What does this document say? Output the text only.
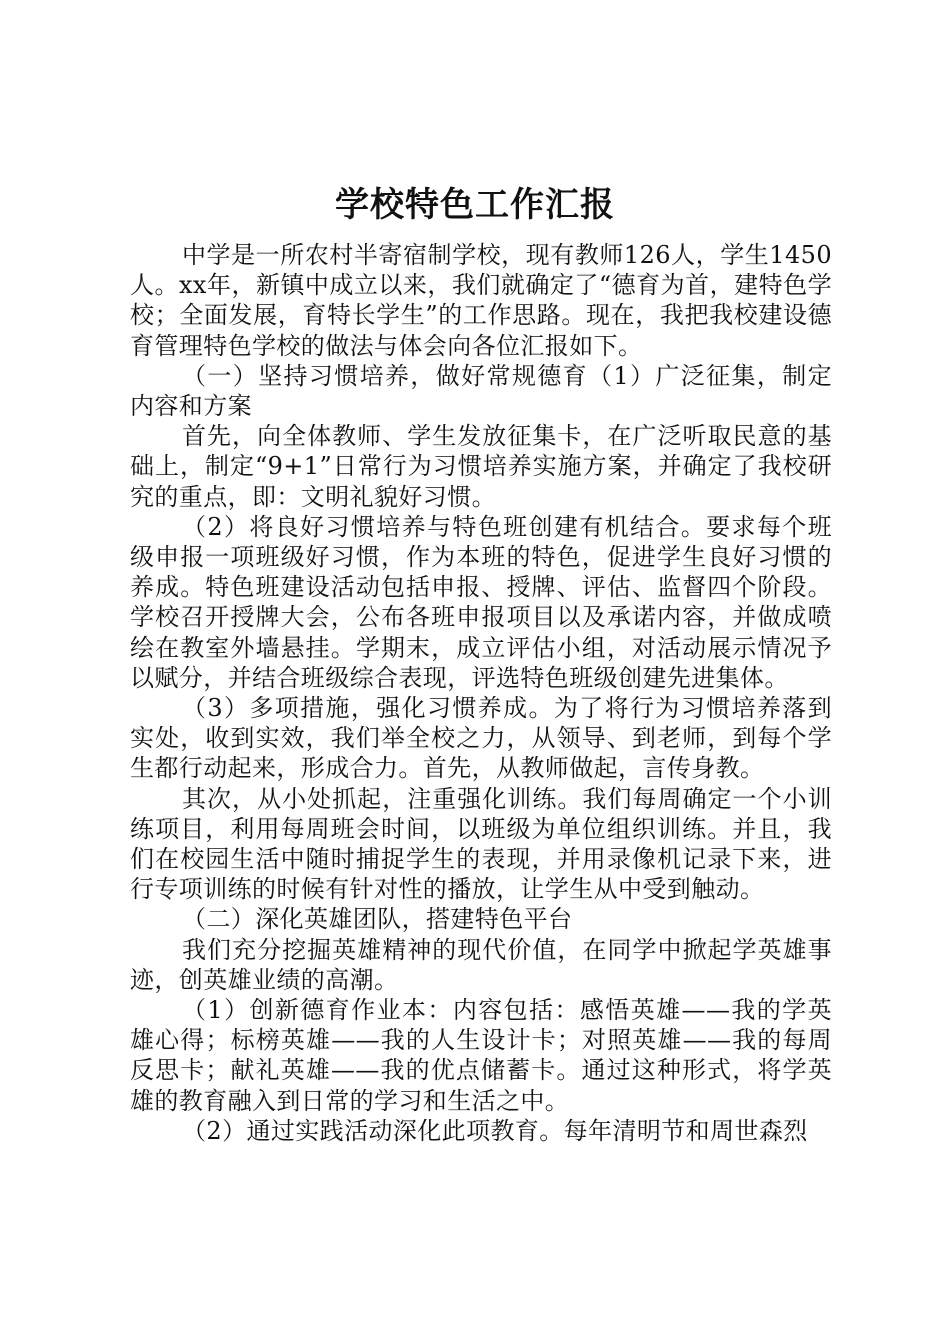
学校特色工作汇报

中学是一所农村半寄宿制学校，现有教师126人，学生1450人。xx年，新镇中成立以来，我们就确定了“德育为首，建特色学校；全面发展，育特长学生”的工作思路。现在，我把我校建设德育管理特色学校的做法与体会向各位汇报如下。

（一）坚持习惯培养，做好常规德育（1）广泛征集，制定内容和方案

首先，向全体教师、学生发放征集卡，在广泛听取民意的基础上，制定“9+1”日常行为习惯培养实施方案，并确定了我校研究的重点，即：文明礼貌好习惯。

（2）将良好习惯培养与特色班创建有机结合。要求每个班级申报一项班级好习惯，作为本班的特色，促进学生良好习惯的养成。特色班建设活动包括申报、授牌、评估、监督四个阶段。学校召开授牌大会，公布各班申报项目以及承诺内容，并做成喷绘在教室外墙悬挂。学期末，成立评估小组，对活动展示情况予以赋分，并结合班级综合表现，评选特色班级创建先进集体。

（3）多项措施，强化习惯养成。为了将行为习惯培养落到实处，收到实效，我们举全校之力，从领导、到老师，到每个学生都行动起来，形成合力。首先，从教师做起，言传身教。

其次，从小处抓起，注重强化训练。我们每周确定一个小训练项目，利用每周班会时间，以班级为单位组织训练。并且，我们在校园生活中随时捕捉学生的表现，并用录像机记录下来，进行专项训练的时候有针对性的播放，让学生从中受到触动。

（二）深化英雄团队，搭建特色平台

我们充分挖掘英雄精神的现代价值，在同学中掀起学英雄事迹，创英雄业绩的高潮。

（1）创新德育作业本：内容包括：感悟英雄——我的学英雄心得；标榜英雄——我的人生设计卡；对照英雄——我的每周反思卡；献礼英雄——我的优点储蓄卡。通过这种形式，将学英雄的教育融入到日常的学习和生活之中。

（2）通过实践活动深化此项教育。每年清明节和周世森烈
